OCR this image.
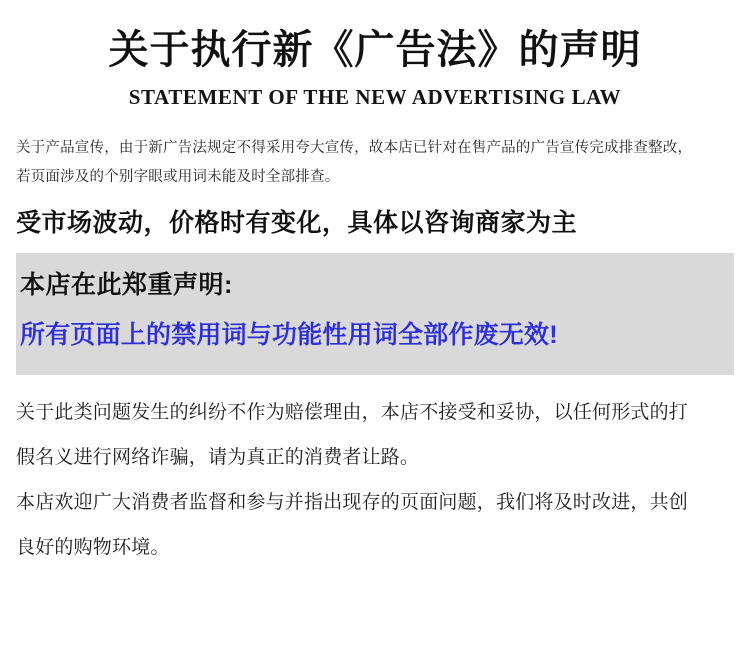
关于执行新《广告法》的声明
STATEMENT OF THE NEW ADVERTISING LAW

关于产品宣传，由于新广告法规定不得采用夸大宣传，故本店已针对在售产品的广告宣传完成排查整改，

若页面涉及的个别字眼或用词未能及时全部排查。

受市场波动，价格时有变化，具体以咨询商家为主
本店在此郑重声明:
所有页面上的禁用词与功能性用词全部作废无效!

关于此类问题发生的纠纷不作为赔偿理由，本店不接受和妥协，以任何形式的打

假名义进行网络诈骗，请为真正的消费者让路。

本店欢迎广大消费者监督和参与并指出现存的页面问题，我们将及时改进，共创

良好的购物环境。
